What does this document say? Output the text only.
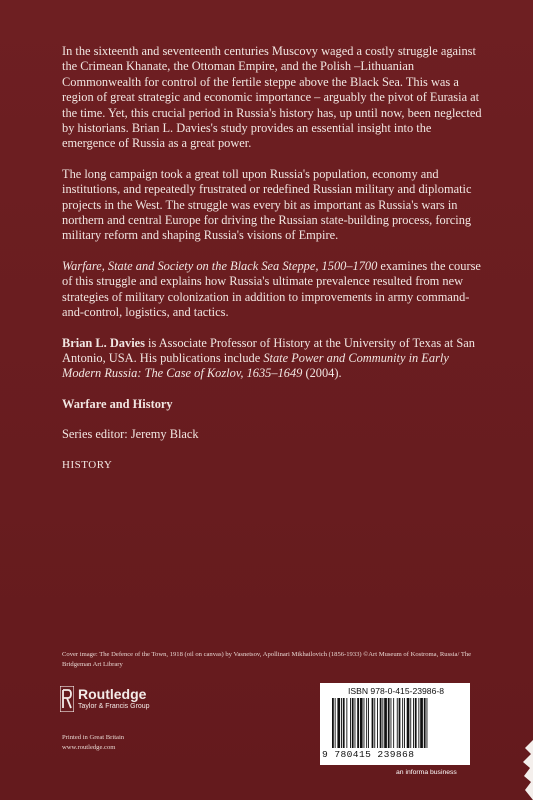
In the sixteenth and seventeenth centuries Muscovy waged a costly struggle against the Crimean Khanate, the Ottoman Empire, and the Polish –Lithuanian Commonwealth for control of the fertile steppe above the Black Sea. This was a region of great strategic and economic importance – arguably the pivot of Eurasia at the time. Yet, this crucial period in Russia's history has, up until now, been neglected by historians. Brian L. Davies's study provides an essential insight into the emergence of Russia as a great power.

The long campaign took a great toll upon Russia's population, economy and institutions, and repeatedly frustrated or redefined Russian military and diplomatic projects in the West. The struggle was every bit as important as Russia's wars in northern and central Europe for driving the Russian state-building process, forcing military reform and shaping Russia's visions of Empire.

Warfare, State and Society on the Black Sea Steppe, 1500–1700 examines the course of this struggle and explains how Russia's ultimate prevalence resulted from new strategies of military colonization in addition to improvements in army command-and-control, logistics, and tactics.

Brian L. Davies is Associate Professor of History at the University of Texas at San Antonio, USA. His publications include State Power and Community in Early Modern Russia: The Case of Kozlov, 1635–1649 (2004).

Warfare and History

Series editor: Jeremy Black

HISTORY

Cover image: The Defence of the Town, 1918 (oil on canvas) by Vasnetsov, Apollinari Mikhailovich (1856-1933) ©Art Museum of Kostroma, Russia/ The Bridgeman Art Library
Routledge
Taylor & Francis Group
Printed in Great Britain
www.routledge.com
ISBN 978-0-415-23986-8
9 780415 239868
an informa business
